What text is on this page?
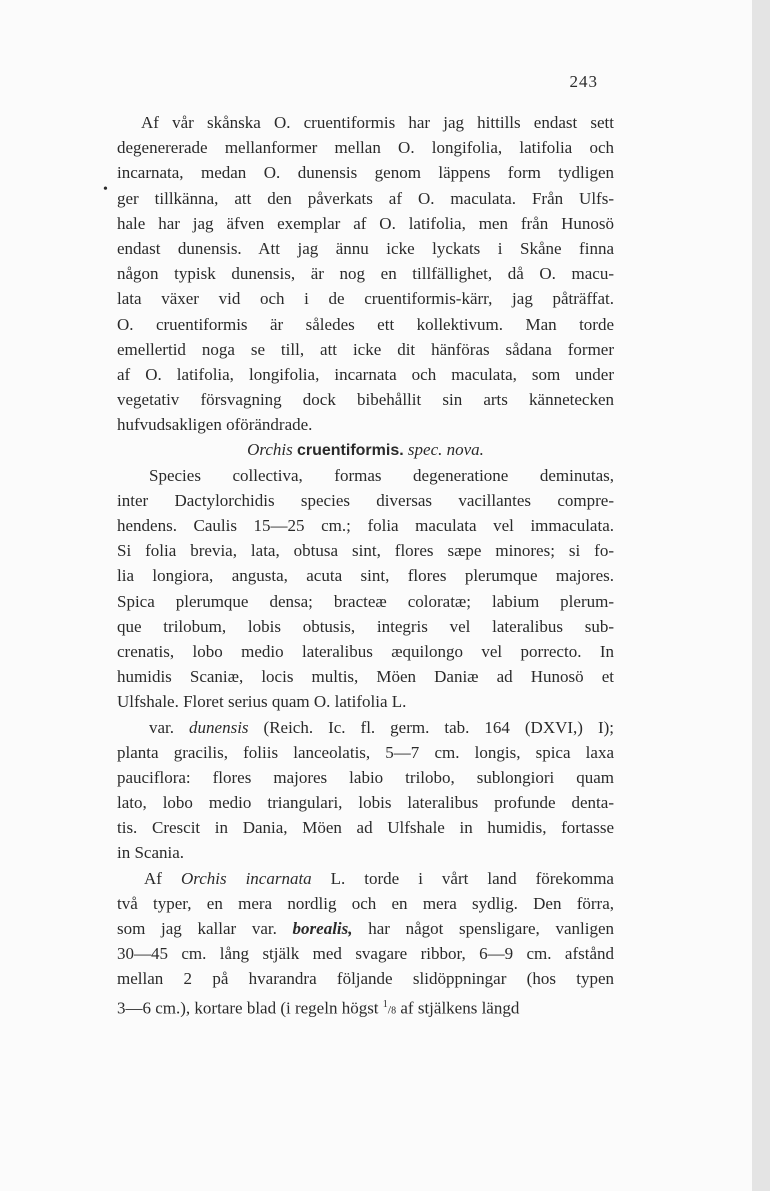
243
•
Af vår skånska O. cruentiformis har jag hittills endast sett
degenererade mellanformer mellan O. longifolia, latifolia och
incarnata, medan O. dunensis genom läppens form tydligen
ger tillkänna, att den påverkats af O. maculata. Från Ulfs-
hale har jag äfven exemplar af O. latifolia, men från Hunosö
endast dunensis. Att jag ännu icke lyckats i Skåne finna
någon typisk dunensis, är nog en tillfällighet, då O. macu-
lata växer vid och i de cruentiformis-kärr, jag påträffat.
O. cruentiformis är således ett kollektivum. Man torde
emellertid noga se till, att icke dit hänföras sådana former
af O. latifolia, longifolia, incarnata och maculata, som under
vegetativ försvagning dock bibehållit sin arts kännetecken
hufvudsakligen oförändrade.
Orchis cruentiformis. spec. nova.
Species collectiva, formas degeneratione deminutas,
inter Dactylorchidis species diversas vacillantes compre-
hendens. Caulis 15—25 cm.; folia maculata vel immaculata.
Si folia brevia, lata, obtusa sint, flores sæpe minores; si fo-
lia longiora, angusta, acuta sint, flores plerumque majores.
Spica plerumque densa; bracteæ coloratæ; labium plerum-
que trilobum, lobis obtusis, integris vel lateralibus sub-
crenatis, lobo medio lateralibus æquilongo vel porrecto. In
humidis Scaniæ, locis multis, Möen Daniæ ad Hunosö et
Ulfshale. Floret serius quam O. latifolia L.
var. dunensis (Reich. Ic. fl. germ. tab. 164 (DXVI,) I);
planta gracilis, foliis lanceolatis, 5—7 cm. longis, spica laxa
pauciflora: flores majores labio trilobo, sublongiori quam
lato, lobo medio triangulari, lobis lateralibus profunde denta-
tis. Crescit in Dania, Möen ad Ulfshale in humidis, fortasse
in Scania.
Af Orchis incarnata L. torde i vårt land förekomma
två typer, en mera nordlig och en mera sydlig. Den förra,
som jag kallar var. borealis, har något spensligare, vanligen
30—45 cm. lång stjälk med svagare ribbor, 6—9 cm. afstånd
mellan 2 på hvarandra följande slidöppningar (hos typen
3—6 cm.), kortare blad (i regeln högst $^1$/8 af stjälkens längd
